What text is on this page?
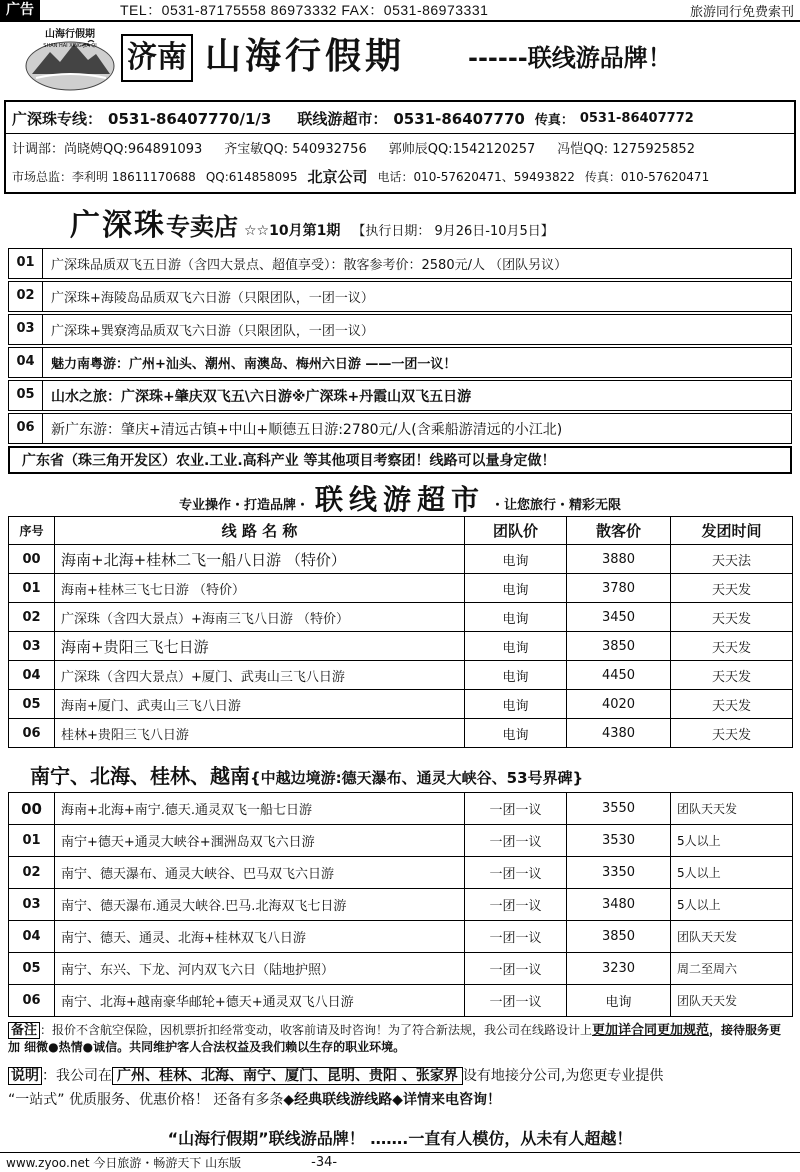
广告	TEL：0531-87175558 86973332 FAX：0531-86973331	旅游同行免费索刊
山海行假期
SHAN HAI XING JIA QI 济南 山海行假期	------联线游品牌！
广深珠专线： 0531-86407770/1/3 联线游超市： 0531-86407770 传真： 0531-86407772
计调部：尚晓娉QQ:964891093 齐宝敏QQ: 540932756 郭帅辰QQ:1542120257 冯恺QQ: 1275925852
市场总监：李利明 18611170688 QQ:614858095 北京公司 电话：010-57620471、59493822 传真：010-57620471
广深珠 专卖店 ☆☆10月第1期 【执行日期： 9月26日-10月5日】
01	广深珠品质双飞五日游（含四大景点、超值享受）：散客参考价：2580元/人 （团队另议）
02	广深珠+海陵岛品质双飞六日游（只限团队，一团一议）
03	广深珠+巽寮湾品质双飞六日游（只限团队，一团一议）
04	魅力南粤游：广州+汕头、潮州、南澳岛、梅州六日游 ——一团一议！
05	山水之旅：广深珠+肇庆双飞五\六日游※广深珠+丹霞山双飞五日游
06	新广东游：肇庆+清远古镇+中山+顺德五日游:2780元/人(含乘船游清远的小江北)
广东省（珠三角开发区）农业.工业.高科产业 等其他项目考察团！线路可以量身定做！
专业操作・打造品牌・ 联线游超市 ・让您旅行・精彩无限
序号	线 路 名 称	团队价	散客价	发团时间
00	海南+北海+桂林二飞一船八日游 （特价）	电询	3880	天天法
01	海南+桂林三飞七日游 （特价）	电询	3780	天天发
02	广深珠（含四大景点）+海南三飞八日游 （特价）	电询	3450	天天发
03	海南+贵阳三飞七日游	电询	3850	天天发
04	广深珠（含四大景点）+厦门、武夷山三飞八日游	电询	4450	天天发
05	海南+厦门、武夷山三飞八日游	电询	4020	天天发
06	桂林+贵阳三飞八日游	电询	4380	天天发
南宁、北海、桂林、越南{中越边境游:德天瀑布、通灵大峡谷、53号界碑}
00	海南+北海+南宁.德天.通灵双飞一船七日游	一团一议	3550	团队天天发
01	南宁+德天+通灵大峡谷+涠洲岛双飞六日游	一团一议	3530	5人以上
02	南宁、德天瀑布、通灵大峡谷、巴马双飞六日游	一团一议	3350	5人以上
03	南宁、德天瀑布.通灵大峡谷.巴马.北海双飞七日游	一团一议	3480	5人以上
04	南宁、德天、通灵、北海+桂林双飞八日游	一团一议	3850	团队天天发
05	南宁、东兴、下龙、河内双飞六日（陆地护照）	一团一议	3230	周二至周六
06	南宁、北海+越南豪华邮轮+德天+通灵双飞八日游	一团一议	电询	团队天天发
备注 ：报价不含航空保险，因机票折扣经常变动，收客前请及时咨询！为了符合新法规，我公司在线路设计上更加详合同更加规范，接待服务更加 细微●热情●诚信。共同维护客人合法权益及我们赖以生存的职业环境。
说明 ：我公司在 广州、桂林、北海、南宁、厦门、昆明、贵阳 、张家界 设有地接分公司,为您更专业提供
“一站式” 优质服务、优惠价格！ 还备有多条◆经典联线游线路◆详情来电咨询！
“山海行假期”联线游品牌！ …….一直有人模仿，从未有人超越！
www.zyoo.net 今日旅游・畅游天下 山东版	-34-
